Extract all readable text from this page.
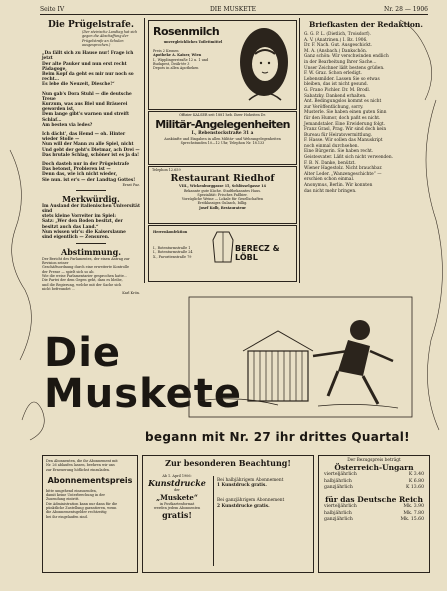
Seite IV	DIE MUSKETE	Nr. 28 — 1906
Die Prügelstrafe.
(Der steirische Landtag hat sich gegen die Abschaffung der Prügelstrafe an Schulen ausgesprochen.)
„Da fällt sich zu Hause nur! Frage ich jetzt
Der alte Pauker und nun erst recht Pädagoge,
Beim Kopf da geht es mir nur noch so recht…
Es lebe die Neuzeit, Diesche!“
Nun gab's Dora Stuhl — die deutsche Treue
Kurzum, was aus Biel und Bräuerei geworden ist,
Dem lange gibt's warnen und streift Schlaf…
Am besten via ledes?
Ich dächt', das Hemd — oh. Hinter wieder Stolle —
Nun will der Mann zu alle Spiel, nicht
Und gebt der geht's Dietmar, ach Drei —
Das brutale Schlag, schöner ist es ja da!
Doch dasteh nur in der Prügelstrafe
Das betonst, Probieren ist —
Denn das, wie ich nicht wieder,
Sie nun. ist er's — der Landtag Gottes!
Ernst Paz.
Merkwürdig.
Im Ausland der italienischen Universität sind
stets kleine Vorreiter im Spiel:
Satz: „Wer den Boden besitzt, der
besitzt auch das Land.“
Nun wissen wir's: die Kaiserslaune
sind eigentlich — Zensuren.
Abstimmung.
Der Bericht des Parlamentes, der einen Antrag zur Revision seiner
Geschäftsordnung durch eine erweiterte Kontrolle
der Presse — spielt sich so ab.
Wie die weise Parlamentarier gesprochen hatte…
Die Partei der dem Gegen geht, dass es bleibe,
und die Regierung, welche mit der Sache sich
nicht befreundet …
Karl Krön.
Rosenmilch
unvergleichliches Toilettmittel
Preis 2 Kronen
Apotheke A. Kaiser, Wien
I., Wipplingerstraße 12 u. 1 und
Budapest, Deák-tér 3
Depots in allen Apotheken
Offizier KALSER seit 1881 heb. Ihrer Hoheiten Dr.
Militär-Angelegenheiten
I., Rebenstockstraße 31 a
Auskünfte und Eingaben in allen Militär- und Wehrangelegenheiten
Sprechstunden 10—12 Uhr, Telephon Nr. 18.133
Telephon 12.659
Restaurant Riedhof
VIII., Wickenburggasse 15, Schlösselgasse 14
Bekannte gute Küche. Stadtbekanntes Haus.
Spezialität: Frisches Faßbier.
Vorzügliche Weine — Lokale für Gesellschaften
Erstklassiges Gulasch, billig.
Josef Kolb, Restaurateur
Herrenkonfektion
I., Rotenturmstraße 1
I., Rotenturmstraße 24
X., Favoritenstraße 79
BERECZ & LÖBL
Briefkasten der Redaktion.
G. G. P. L. (Dietlich, Troisdorf).
A. V. (Anatrinen.) I. Bz. 1906.
Dr. F. Nach. Gut. Ausgeschickt.
M. A. (Ansbach.) Dankschön.
Ganz schön: Wir verschwinden endlich
in der Bearbeitung Ihrer Sache…
Unser Zeichner läßt bestens grüßen.
F. W. Graz. Schon erledigt.
Lebensmilder. Lassen Sie so etwas
bleiben, das ist nicht gesund.
G. Frano Pichler. Dr. M. Brodl.
Sabatzky. Dankend erhalten.
Ant. Bedingungslos kommt es nicht
zur Veröffentlichung, sorry.
Musterle. Sie haben einen guten Sinn
für den Humor, doch paßt es nicht.
Jemandstaler. Eine Erwiderung folgt.
Franz Grasl, Prag. Wir sind doch kein
Bureau für Heiratsvermittlung.
F. Hasse. Wir sollen das Manuskript
noch einmal durchsehen.
Eine Bürgerin. Sie haben recht.
Geistesvater. Läßt sich nicht verwenden.
F. B. N. Danke, benützt.
Wiener Hagestolz. Nicht brauchbar.
Alter Leder. „Wanzengeschichte“ —
erschien schon einmal.
Anonymus, Berlin. Wir konnten
das nicht mehr bringen.
Die
Muskete
begann mit Nr. 27 ihr drittes Quartal!
Den Abonnenten, die ihr Abonnement mit
Nr. 26 ablaufen lassen, beehren wir uns
zur Erneuerung höflichst einzuladen.
Abonnementspreis
bitte umgehend einzusenden,
damit keine Unterbrechung in der
Zusendung eintritt.
Die Administration kann nur dann für die
pünktliche Zustellung garantieren, wenn
die Abonnementsgelder rechtzeitig
bei ihr eingelaufen sind.
Zur besonderen Beachtung!
Ab 1. April 1906:
Kunstdrucke
der
„Muskete“
in Postkartenformat
werden jedem Abonnenten
gratis!
Bei halbjährigem Abonnement
1 Kunstdruck gratis.
Bei ganzjährigem Abonnement
2 Kunstdrucke gratis.
Der Bezugspreis beträgt
Österreich-Ungarn
vierteljährlich	K 3.40
halbjährlich	K 6.80
ganzjährlich	K 13.60
für das Deutsche Reich
vierteljährlich	Mk. 3.90
halbjährlich	Mk. 7.80
ganzjährlich	Mk. 15.60
